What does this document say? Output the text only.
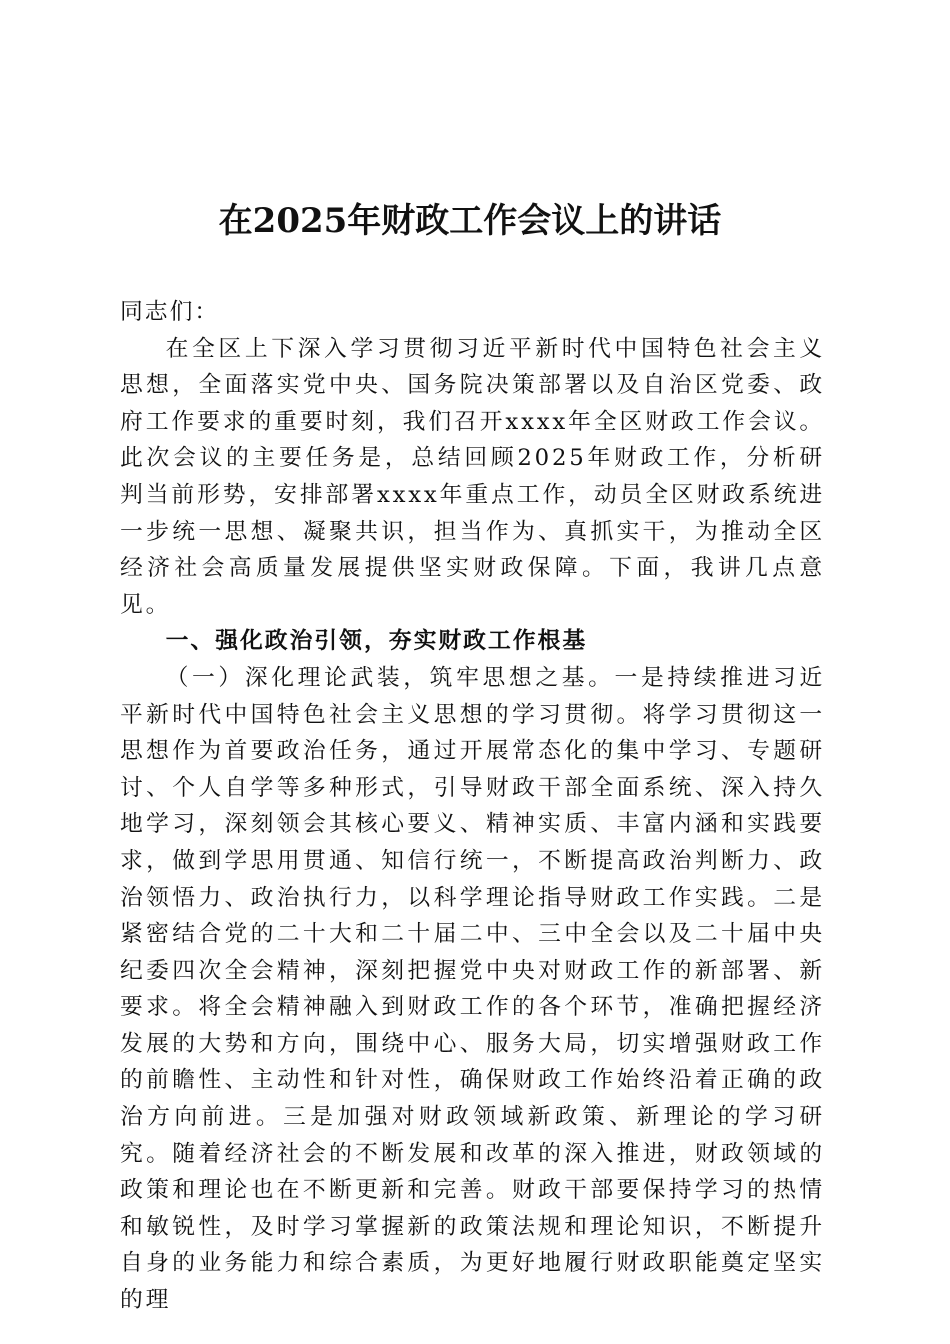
在2025年财政工作会议上的讲话

同志们：

在全区上下深入学习贯彻习近平新时代中国特色社会主义思想，全面落实党中央、国务院决策部署以及自治区党委、政府工作要求的重要时刻，我们召开xxxx年全区财政工作会议。此次会议的主要任务是，总结回顾2025年财政工作，分析研判当前形势，安排部署xxxx年重点工作，动员全区财政系统进一步统一思想、凝聚共识，担当作为、真抓实干，为推动全区经济社会高质量发展提供坚实财政保障。下面，我讲几点意见。

一、强化政治引领，夯实财政工作根基

（一）深化理论武装，筑牢思想之基。一是持续推进习近平新时代中国特色社会主义思想的学习贯彻。将学习贯彻这一思想作为首要政治任务，通过开展常态化的集中学习、专题研讨、个人自学等多种形式，引导财政干部全面系统、深入持久地学习，深刻领会其核心要义、精神实质、丰富内涵和实践要求，做到学思用贯通、知信行统一，不断提高政治判断力、政治领悟力、政治执行力，以科学理论指导财政工作实践。二是紧密结合党的二十大和二十届二中、三中全会以及二十届中央纪委四次全会精神，深刻把握党中央对财政工作的新部署、新要求。将全会精神融入到财政工作的各个环节，准确把握经济发展的大势和方向，围绕中心、服务大局，切实增强财政工作的前瞻性、主动性和针对性，确保财政工作始终沿着正确的政治方向前进。三是加强对财政领域新政策、新理论的学习研究。随着经济社会的不断发展和改革的深入推进，财政领域的政策和理论也在不断更新和完善。财政干部要保持学习的热情和敏锐性，及时学习掌握新的政策法规和理论知识，不断提升自身的业务能力和综合素质，为更好地履行财政职能奠定坚实的理
